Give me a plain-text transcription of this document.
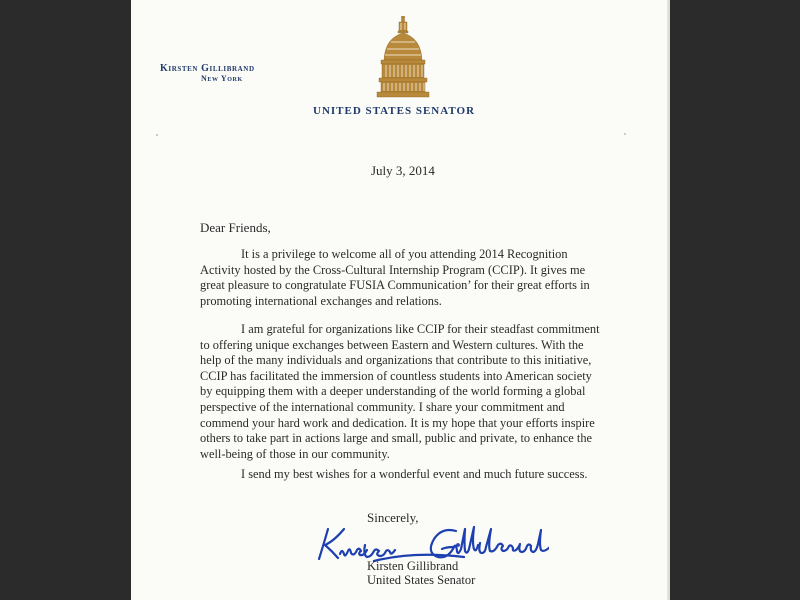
Kirsten Gillibrand
New York
UNITED STATES SENATOR
July 3, 2014
Dear Friends,

It is a privilege to welcome all of you attending 2014 Recognition Activity hosted by the Cross-Cultural Internship Program (CCIP). It gives me great pleasure to congratulate FUSIA Communication’ for their great efforts in promoting international exchanges and relations.

I am grateful for organizations like CCIP for their steadfast commitment to offering unique exchanges between Eastern and Western cultures. With the help of the many individuals and organizations that contribute to this initiative, CCIP has facilitated the immersion of countless students into American society by equipping them with a deeper understanding of the world forming a global perspective of the international community. I share your commitment and commend your hard work and dedication. It is my hope that your efforts inspire others to take part in actions large and small, public and private, to enhance the well-being of those in our community.

I send my best wishes for a wonderful event and much future success.

Sincerely,
Kirsten Gillibrand
United States Senator
